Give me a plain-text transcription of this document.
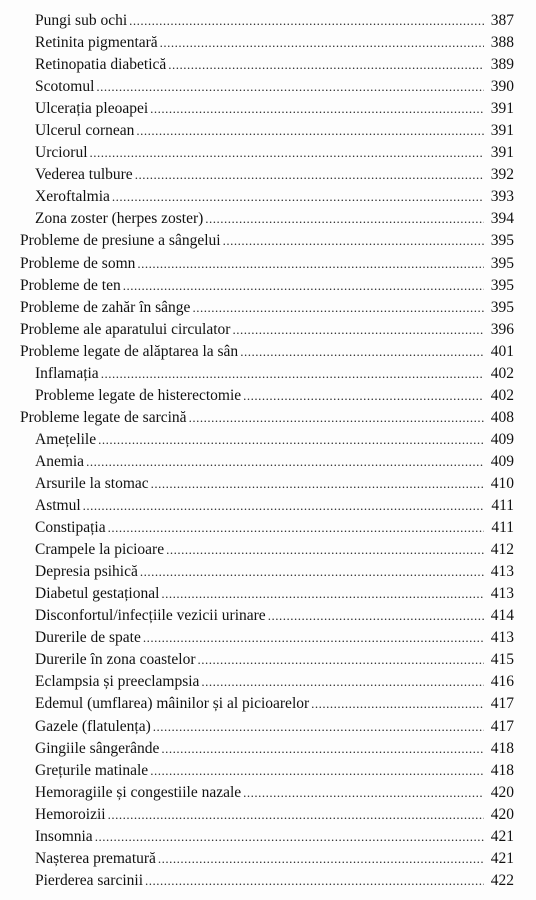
Pungi sub ochi .....	387
Retinita pigmentară .....	388
Retinopatia diabetică .....	389
Scotomul .....	390
Ulcerația pleoapei .....	391
Ulcerul cornean .....	391
Urciorul .....	391
Vederea tulbure .....	392
Xeroftalmia .....	393
Zona zoster (herpes zoster) .....	394
Probleme de presiune a sângelui .....	395
Probleme de somn .....	395
Probleme de ten .....	395
Probleme de zahăr în sânge .....	395
Probleme ale aparatului circulator .....	396
Probleme legate de alăptarea la sân .....	401
Inflamația .....	402
Probleme legate de histerectomie .....	402
Probleme legate de sarcină .....	408
Amețelile .....	409
Anemia .....	409
Arsurile la stomac .....	410
Astmul .....	411
Constipația .....	411
Crampele la picioare .....	412
Depresia psihică .....	413
Diabetul gestațional .....	413
Disconfortul/infecțiile vezicii urinare .....	414
Durerile de spate .....	413
Durerile în zona coastelor .....	415
Eclampsia și preeclampsia .....	416
Edemul (umflarea) mâinilor și al picioarelor .....	417
Gazele (flatulența) .....	417
Gingiile sângerânde .....	418
Grețurile matinale .....	418
Hemoragiile și congestiile nazale .....	420
Hemoroizii .....	420
Insomnia .....	421
Nașterea prematură .....	421
Pierderea sarcinii .....	422
